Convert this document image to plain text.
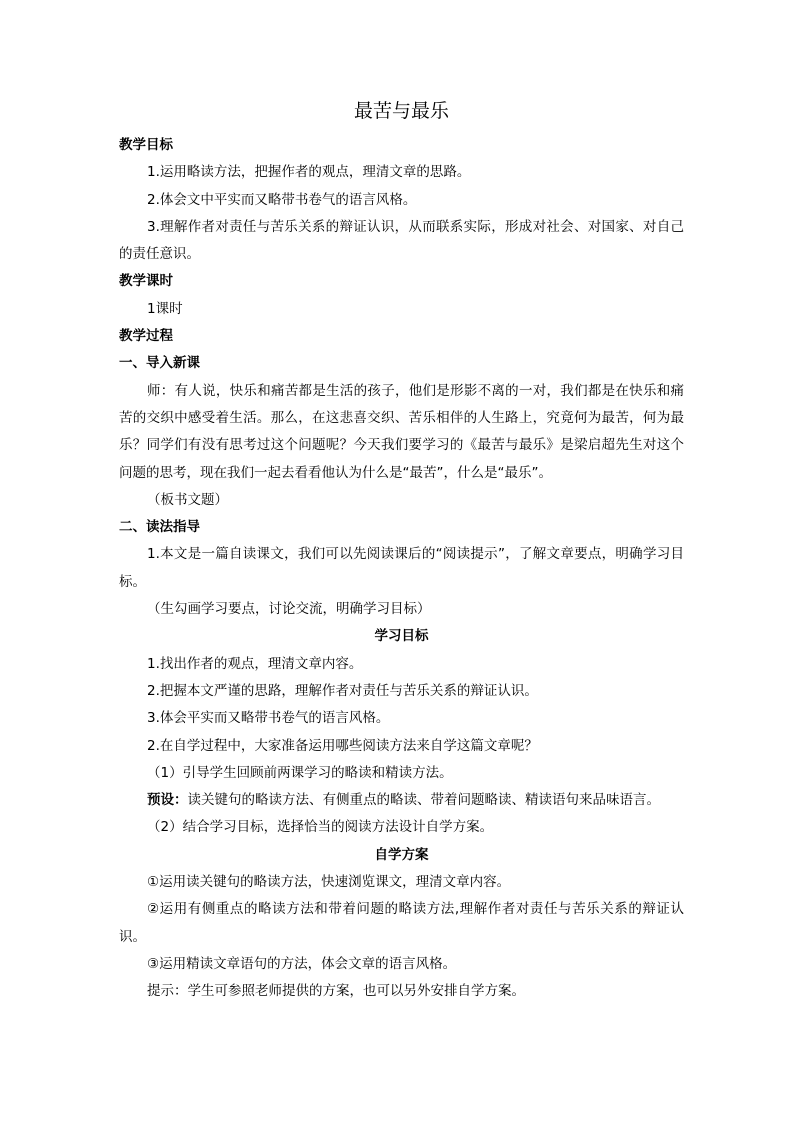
最苦与最乐

教学目标

1.运用略读方法，把握作者的观点，理清文章的思路。

2.体会文中平实而又略带书卷气的语言风格。

3.理解作者对责任与苦乐关系的辩证认识，从而联系实际，形成对社会、对国家、对自己的责任意识。

教学课时

1课时

教学过程

一、导入新课

师：有人说，快乐和痛苦都是生活的孩子，他们是形影不离的一对，我们都是在快乐和痛苦的交织中感受着生活。那么，在这悲喜交织、苦乐相伴的人生路上，究竟何为最苦，何为最乐？同学们有没有思考过这个问题呢？今天我们要学习的《最苦与最乐》是梁启超先生对这个问题的思考，现在我们一起去看看他认为什么是“最苦”，什么是“最乐”。

（板书文题）

二、读法指导

1.本文是一篇自读课文，我们可以先阅读课后的“阅读提示”，了解文章要点，明确学习目标。

（生勾画学习要点，讨论交流，明确学习目标）

学习目标

1.找出作者的观点，理清文章内容。

2.把握本文严谨的思路，理解作者对责任与苦乐关系的辩证认识。

3.体会平实而又略带书卷气的语言风格。

2.在自学过程中，大家准备运用哪些阅读方法来自学这篇文章呢？

（1）引导学生回顾前两课学习的略读和精读方法。

预设：读关键句的略读方法、有侧重点的略读、带着问题略读、精读语句来品味语言。

（2）结合学习目标，选择恰当的阅读方法设计自学方案。

自学方案

①运用读关键句的略读方法，快速浏览课文，理清文章内容。

②运用有侧重点的略读方法和带着问题的略读方法,理解作者对责任与苦乐关系的辩证认识。

③运用精读文章语句的方法，体会文章的语言风格。

提示：学生可参照老师提供的方案，也可以另外安排自学方案。
